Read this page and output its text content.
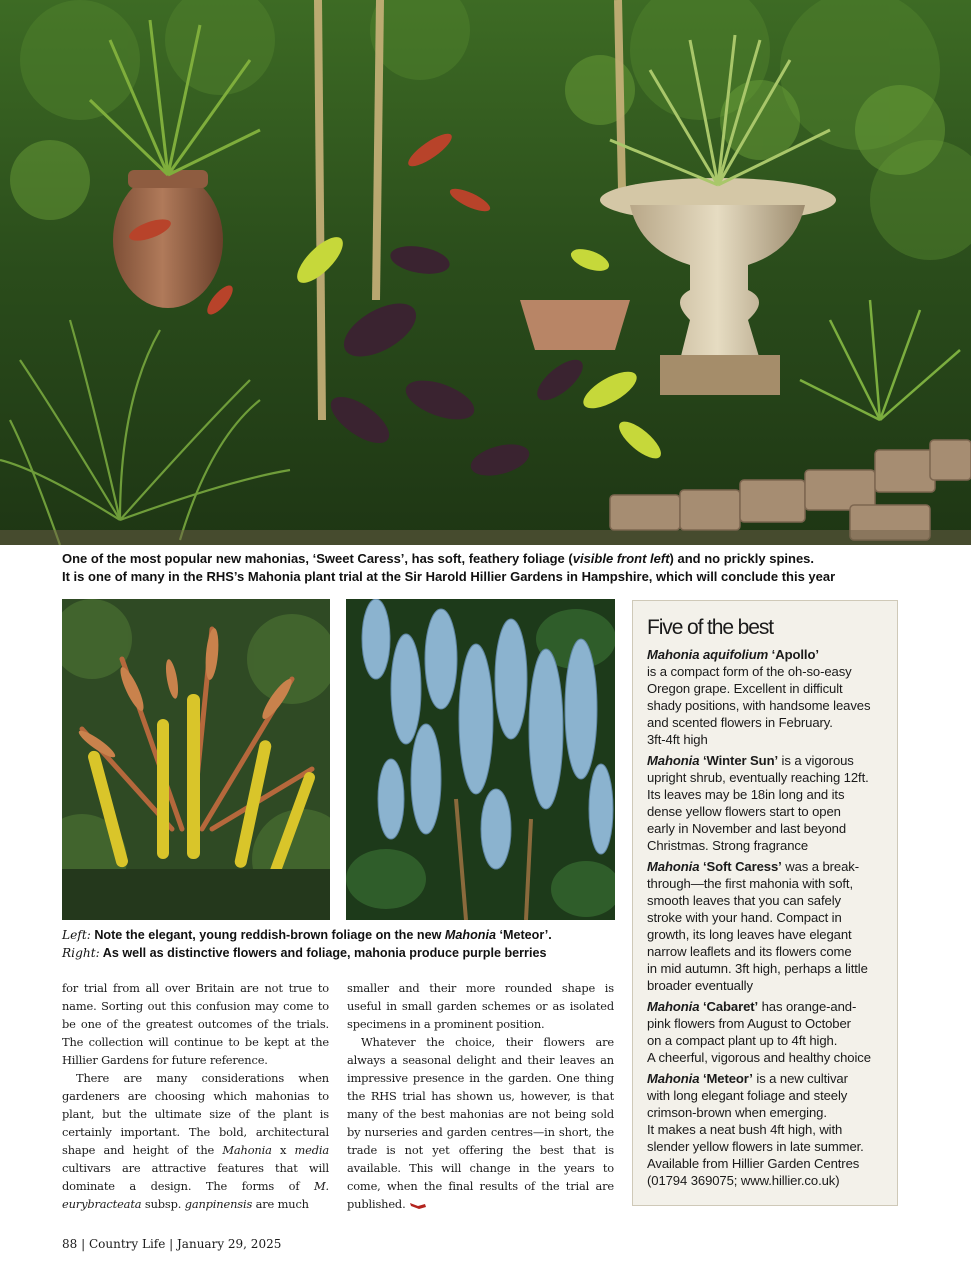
One of the most popular new mahonias, ‘Sweet Caress’, has soft, feathery foliage (visible front left) and no prickly spines.

It is one of many in the RHS’s Mahonia plant trial at the Sir Harold Hillier Gardens in Hampshire, which will conclude this year

Left: Note the elegant, young reddish-brown foliage on the new Mahonia ‘Meteor’.

Right: As well as distinctive flowers and foliage, mahonia produce purple berries

for trial from all over Britain are not true to name. Sorting out this confusion may come to be one of the greatest outcomes of the trials. The collection will continue to be kept at the Hillier Gardens for future reference.

There are many considerations when gardeners are choosing which mahonias to plant, but the ultimate size of the plant is certainly important. The bold, architectural shape and height of the Mahonia x media cultivars are attractive features that will dominate a design. The forms of M. eurybracteata subsp. ganpinensis are much

smaller and their more rounded shape is useful in small garden schemes or as isolated specimens in a prominent position.

Whatever the choice, their flowers are always a seasonal delight and their leaves an impressive presence in the garden. One thing the RHS trial has shown us, however, is that many of the best mahonias are not being sold by nurseries and garden centres—in short, the trade is not yet offering the best that is available. This will change in the years to come, when the final results of the trial are published.

Five of the best

Mahonia aquifolium ‘Apollo’

is a compact form of the oh-so-easy

Oregon grape. Excellent in difficult

shady positions, with handsome leaves

and scented flowers in February.

3ft-4ft high

Mahonia ‘Winter Sun’ is a vigorous

upright shrub, eventually reaching 12ft.

Its leaves may be 18in long and its

dense yellow flowers start to open

early in November and last beyond

Christmas. Strong fragrance

Mahonia ‘Soft Caress’ was a break-

through—the first mahonia with soft,

smooth leaves that you can safely

stroke with your hand. Compact in

growth, its long leaves have elegant

narrow leaflets and its flowers come

in mid autumn. 3ft high, perhaps a little

broader eventually

Mahonia ‘Cabaret’ has orange-and-

pink flowers from August to October

on a compact plant up to 4ft high.

A cheerful, vigorous and healthy choice

Mahonia ‘Meteor’ is a new cultivar

with long elegant foliage and steely

crimson-brown when emerging.

It makes a neat bush 4ft high, with

slender yellow flowers in late summer.

Available from Hillier Garden Centres

(01794 369075; www.hillier.co.uk)

88 | Country Life | January 29, 2025
